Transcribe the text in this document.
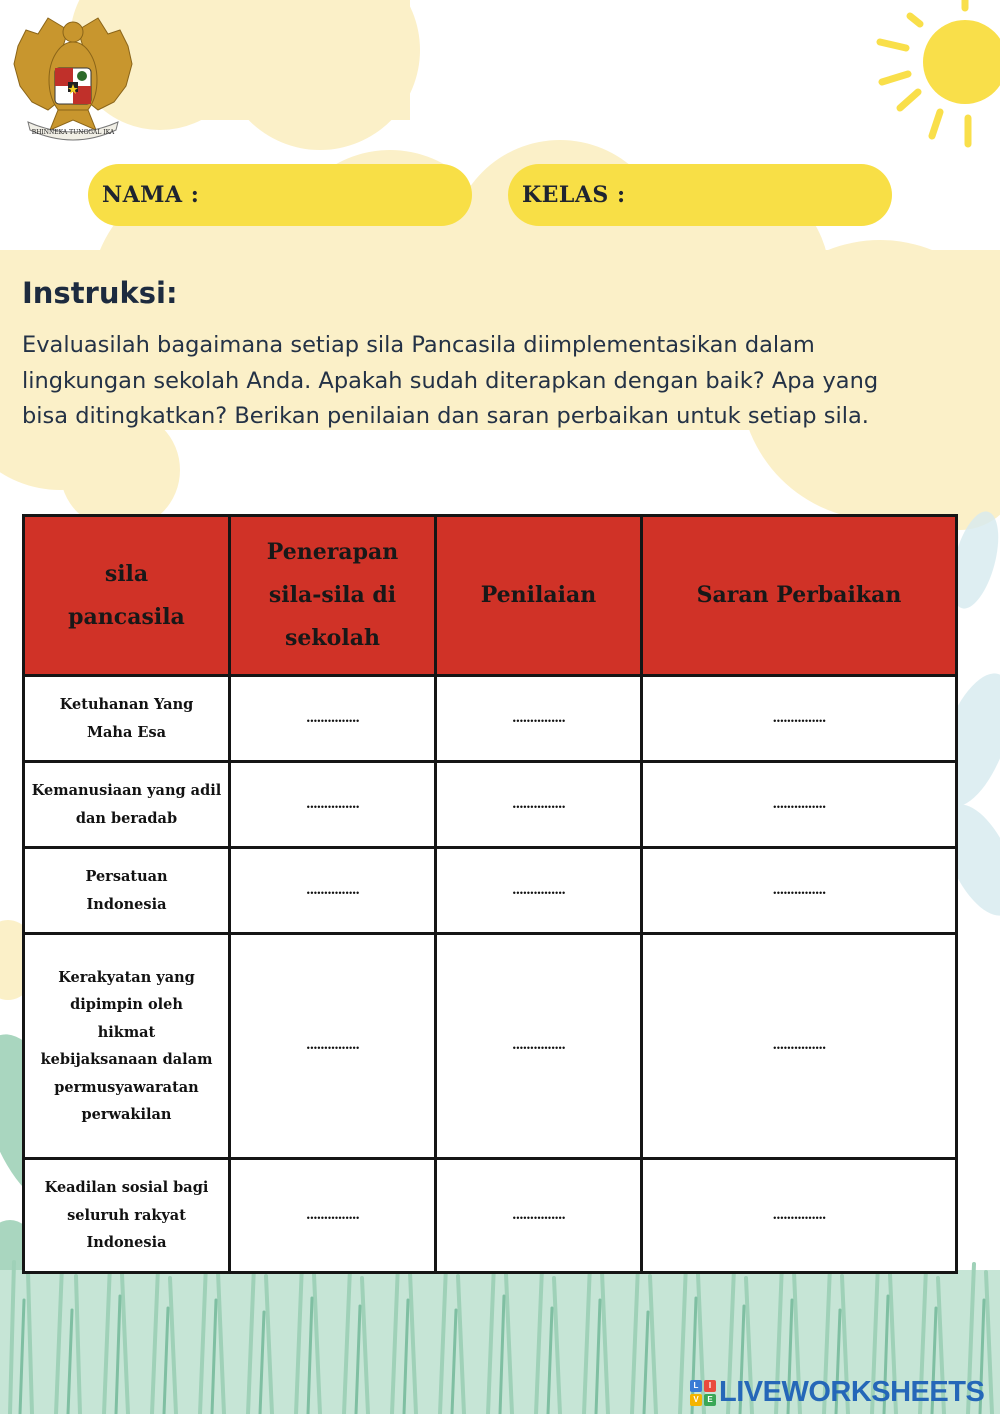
BHINNEKA TUNGGAL IKA
NAMA :	KELAS :
Instruksi:

Evaluasilah bagaimana setiap sila Pancasila diimplementasikan dalam lingkungan sekolah Anda. Apakah sudah diterapkan dengan baik? Apa yang bisa ditingkatkan? Berikan penilaian dan saran perbaikan untuk setiap sila.

sila pancasila	Penerapan sila-sila di sekolah	Penilaian	Saran Perbaikan
Ketuhanan Yang Maha Esa	...............	...............	...............
Kemanusiaan yang adil dan beradab	...............	...............	...............
Persatuan Indonesia	...............	...............	...............
Kerakyatan yang dipimpin oleh hikmat kebijaksanaan dalam permusyawaratan perwakilan	...............	...............	...............
Keadilan sosial bagi seluruh rakyat Indonesia	...............	...............	...............
L	I
V	E LIVEWORKSHEETS
